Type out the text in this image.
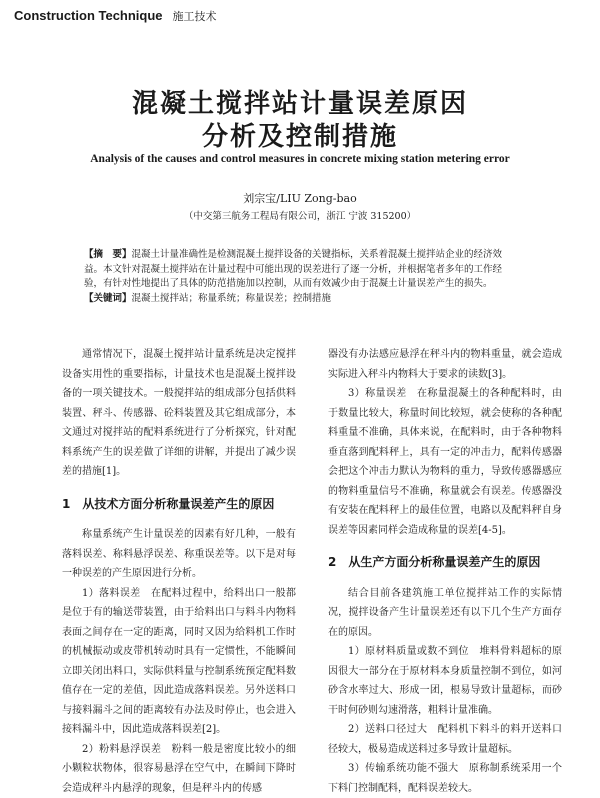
Construction Technique 施工技术
混凝土搅拌站计量误差原因
分析及控制措施
Analysis of the causes and control measures in concrete mixing station metering error
刘宗宝/LIU Zong-bao
（中交第三航务工程局有限公司，浙江 宁波 315200）

【摘　要】混凝土计量准确性是检测混凝土搅拌设备的关键指标，关系着混凝土搅拌站企业的经济效益。本文针对混凝土搅拌站在计量过程中可能出现的误差进行了逐一分析，并根据笔者多年的工作经验，有针对性地提出了具体的防范措施加以控制，从而有效减少由于混凝土计量误差产生的损失。

【关键词】混凝土搅拌站；称量系统；称量误差；控制措施

通常情况下，混凝土搅拌站计量系统是决定搅拌设备实用性的重要指标，计量技术也是混凝土搅拌设备的一项关键技术。一般搅拌站的组成部分包括供料装置、秤斗、传感器、砼料装置及其它组成部分，本文通过对搅拌站的配料系统进行了分析探究，针对配料系统产生的误差做了详细的讲解，并提出了减少误差的措施[1]。

1　从技术方面分析称量误差产生的原因

称量系统产生计量误差的因素有好几种，一般有落料误差、称料悬浮误差、称重误差等。以下是对每一种误差的产生原因进行分析。

1）落料误差　在配料过程中，给料出口一般都是位于有的输送带装置，由于给料出口与料斗内物料表面之间存在一定的距离，同时又因为给料机工作时的机械振动或皮带机转动时具有一定惯性，不能瞬间立即关闭出料口，实际供料量与控制系统预定配料数值存在一定的差值，因此造成落料误差。另外送料口与接料漏斗之间的距离较有办法及时停止，也会进入接料漏斗中，因此造成落料误差[2]。

2）粉料悬浮误差　粉料一般是密度比较小的细小颗粒状物体，很容易悬浮在空气中，在瞬间下降时会造成秤斗内悬浮的现象，但是秤斗内的传感

器没有办法感应悬浮在秤斗内的物料重量，就会造成实际进入秤斗内物料大于要求的读数[3]。

3）称量误差　在称量混凝土的各种配料时，由于数量比较大，称量时间比较短，就会使称的各种配料重量不准确，具体来说，在配料时，由于各种物料垂直落到配料秤上，具有一定的冲击力，配料传感器会把这个冲击力默认为物料的重力，导致传感器感应的物料重量信号不准确，称量就会有误差。传感器没有安装在配料秤上的最佳位置，电路以及配料秤自身误差等因素同样会造成称量的误差[4-5]。

2　从生产方面分析称量误差产生的原因

结合目前各建筑施工单位搅拌站工作的实际情况，搅拌设备产生计量误差还有以下几个生产方面存在的原因。

1）原材料质量或数不到位　堆料骨料超标的原因很大一部分在于原材料本身质量控制不到位，如河砂含水率过大、形成一团，根易导致计量超标，而砂干时何砂则勾速滑落，粗料计量准确。

2）送料口径过大　配料机下料斗的料开送料口径较大，极易造成送料过多导致计量超标。

3）传输系统功能不强大　原称制系统采用一个下料门控制配料，配料误差较大。
